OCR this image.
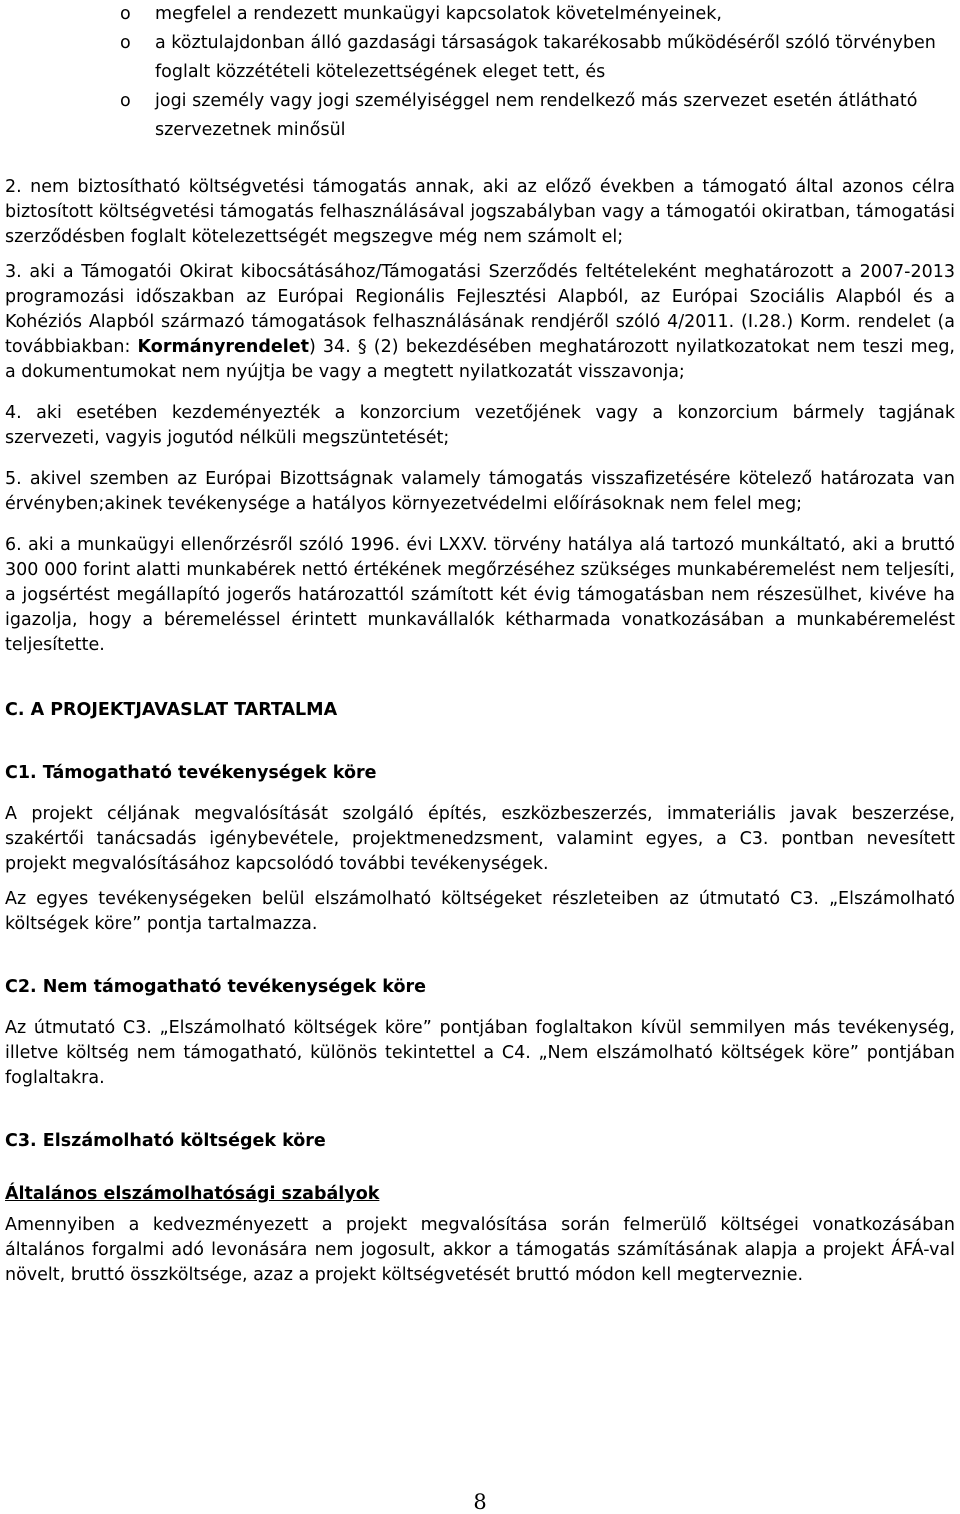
o megfelel a rendezett munkaügyi kapcsolatok követelményeinek,
o a köztulajdonban álló gazdasági társaságok takarékosabb működéséről szóló törvényben foglalt közzétételi kötelezettségének eleget tett, és
o jogi személy vagy jogi személyiséggel nem rendelkező más szervezet esetén átlátható szervezetnek minősül

2. nem biztosítható költségvetési támogatás annak, aki az előző években a támogató által azonos célra biztosított költségvetési támogatás felhasználásával jogszabályban vagy a támogatói okiratban, támogatási szerződésben foglalt kötelezettségét megszegve még nem számolt el;

3. aki a Támogatói Okirat kibocsátásához/Támogatási Szerződés feltételeként meghatározott a 2007-2013 programozási időszakban az Európai Regionális Fejlesztési Alapból, az Európai Szociális Alapból és a Kohéziós Alapból származó támogatások felhasználásának rendjéről szóló 4/2011. (I.28.) Korm. rendelet (a továbbiakban: Kormányrendelet) 34. § (2) bekezdésében meghatározott nyilatkozatokat nem teszi meg, a dokumentumokat nem nyújtja be vagy a megtett nyilatkozatát visszavonja;

4. aki esetében kezdeményezték a konzorcium vezetőjének vagy a konzorcium bármely tagjának szervezeti, vagyis jogutód nélküli megszüntetését;

5. akivel szemben az Európai Bizottságnak valamely támogatás visszafizetésére kötelező határozata van érvényben;akinek tevékenysége a hatályos környezetvédelmi előírásoknak nem felel meg;

6. aki a munkaügyi ellenőrzésről szóló 1996. évi LXXV. törvény hatálya alá tartozó munkáltató, aki a bruttó 300 000 forint alatti munkabérek nettó értékének megőrzéséhez szükséges munkabéremelést nem teljesíti, a jogsértést megállapító jogerős határozattól számított két évig támogatásban nem részesülhet, kivéve ha igazolja, hogy a béremeléssel érintett munkavállalók kétharmada vonatkozásában a munkabéremelést teljesítette.

C. A PROJEKTJAVASLAT TARTALMA

C1. Támogatható tevékenységek köre

A projekt céljának megvalósítását szolgáló építés, eszközbeszerzés, immateriális javak beszerzése, szakértői tanácsadás igénybevétele, projektmenedzsment, valamint egyes, a C3. pontban nevesített projekt megvalósításához kapcsolódó további tevékenységek.

Az egyes tevékenységeken belül elszámolható költségeket részleteiben az útmutató C3. „Elszámolható költségek köre” pontja tartalmazza.

C2. Nem támogatható tevékenységek köre

Az útmutató C3. „Elszámolható költségek köre” pontjában foglaltakon kívül semmilyen más tevékenység, illetve költség nem támogatható, különös tekintettel a C4. „Nem elszámolható költségek köre” pontjában foglaltakra.

C3. Elszámolható költségek köre

Általános elszámolhatósági szabályok

Amennyiben a kedvezményezett a projekt megvalósítása során felmerülő költségei vonatkozásában általános forgalmi adó levonására nem jogosult, akkor a támogatás számításának alapja a projekt ÁFÁ-val növelt, bruttó összköltsége, azaz a projekt költségvetését bruttó módon kell megterveznie.

8
